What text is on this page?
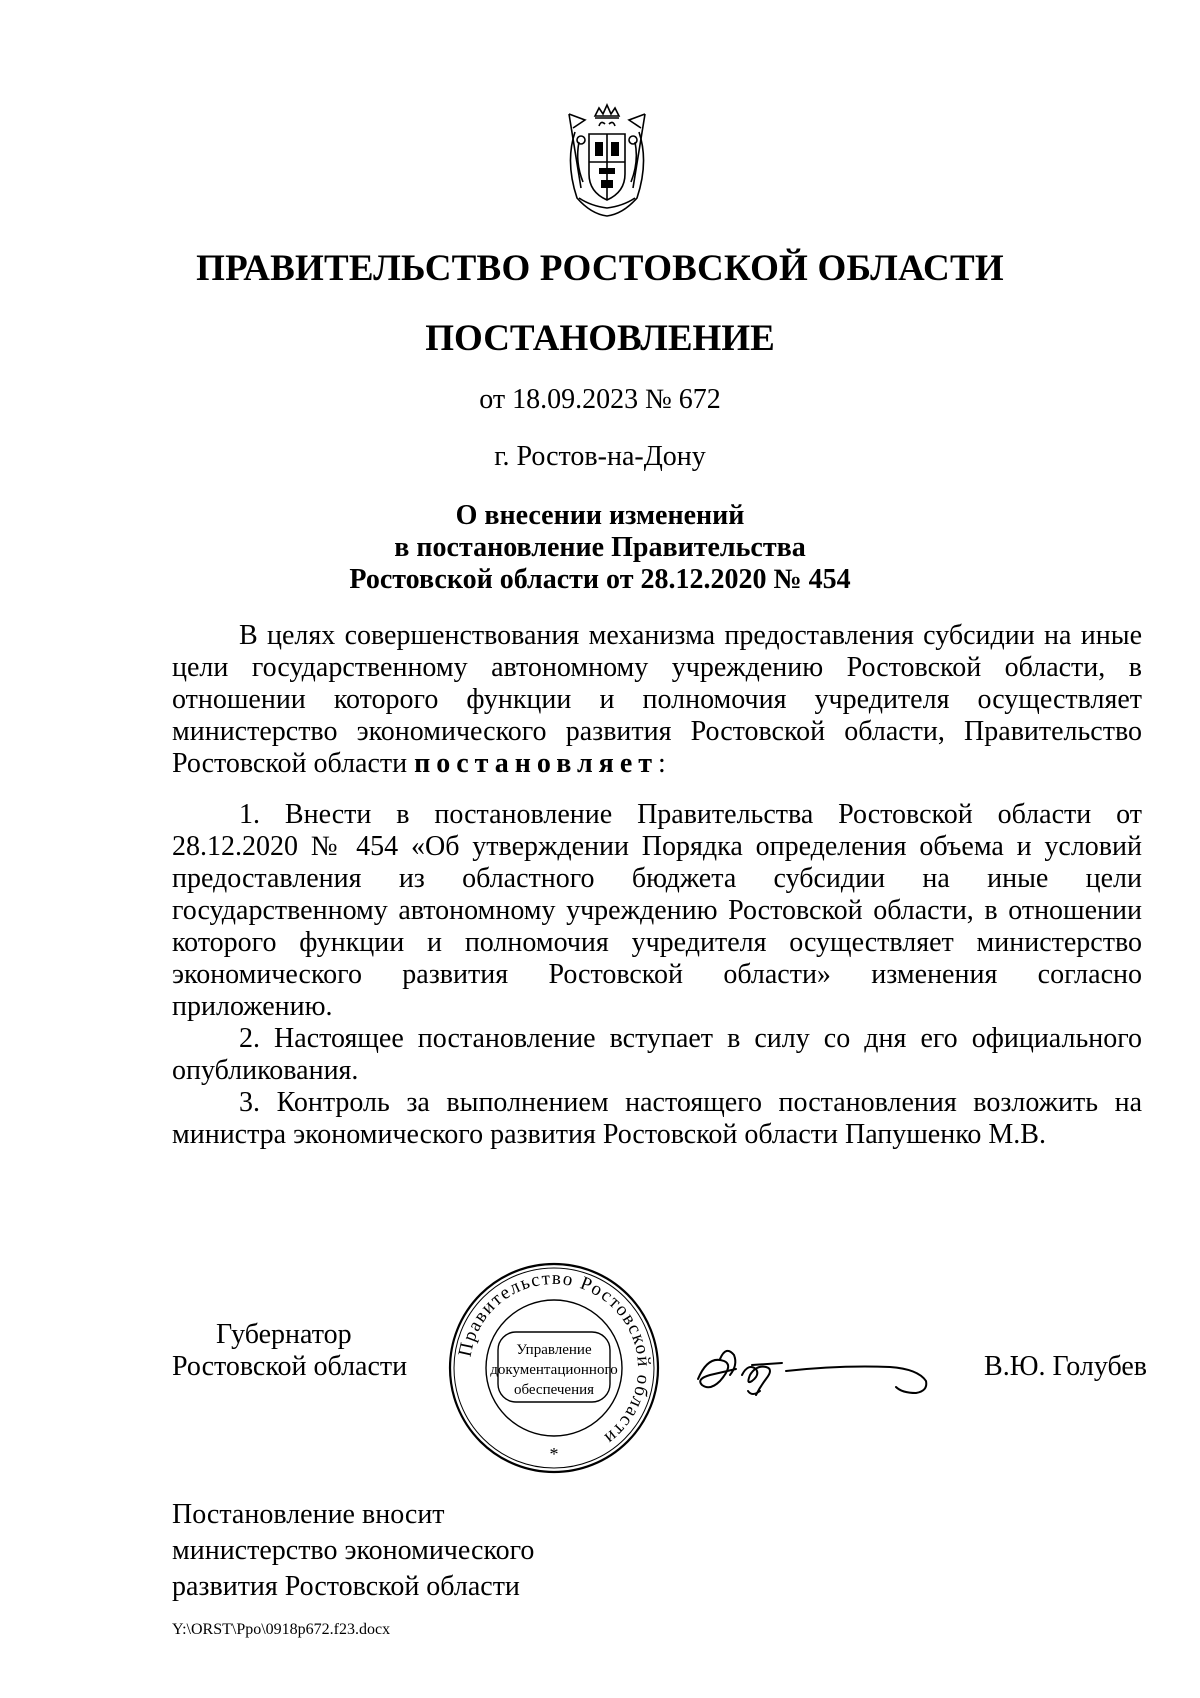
ПРАВИТЕЛЬСТВО РОСТОВСКОЙ ОБЛАСТИ
ПОСТАНОВЛЕНИЕ
от 18.09.2023 № 672
г. Ростов-на-Дону
О внесении изменений
в постановление Правительства
Ростовской области от 28.12.2020 № 454

В целях совершенствования механизма предоставления субсидии на иные цели государственному автономному учреждению Ростовской области, в отношении которого функции и полномочия учредителя осуществляет министерство экономического развития Ростовской области, Правительство Ростовской области постановляет:

1. Внести в постановление Правительства Ростовской области от 28.12.2020 № 454 «Об утверждении Порядка определения объема и условий предоставления из областного бюджета субсидии на иные цели государственному автономному учреждению Ростовской области, в отношении которого функции и полномочия учредителя осуществляет министерство экономического развития Ростовской области» изменения согласно приложению.

2. Настоящее постановление вступает в силу со дня его официального опубликования.

3. Контроль за выполнением настоящего постановления возложить на министра экономического развития Ростовской области Папушенко М.В.

Губернатор
Ростовской области
Правительство Ростовской области
Управление
документационного
обеспечения
*
В.Ю. Голубев
Постановление вносит
министерство экономического
развития Ростовской области
Y:\ORST\Ppo\0918p672.f23.docx
